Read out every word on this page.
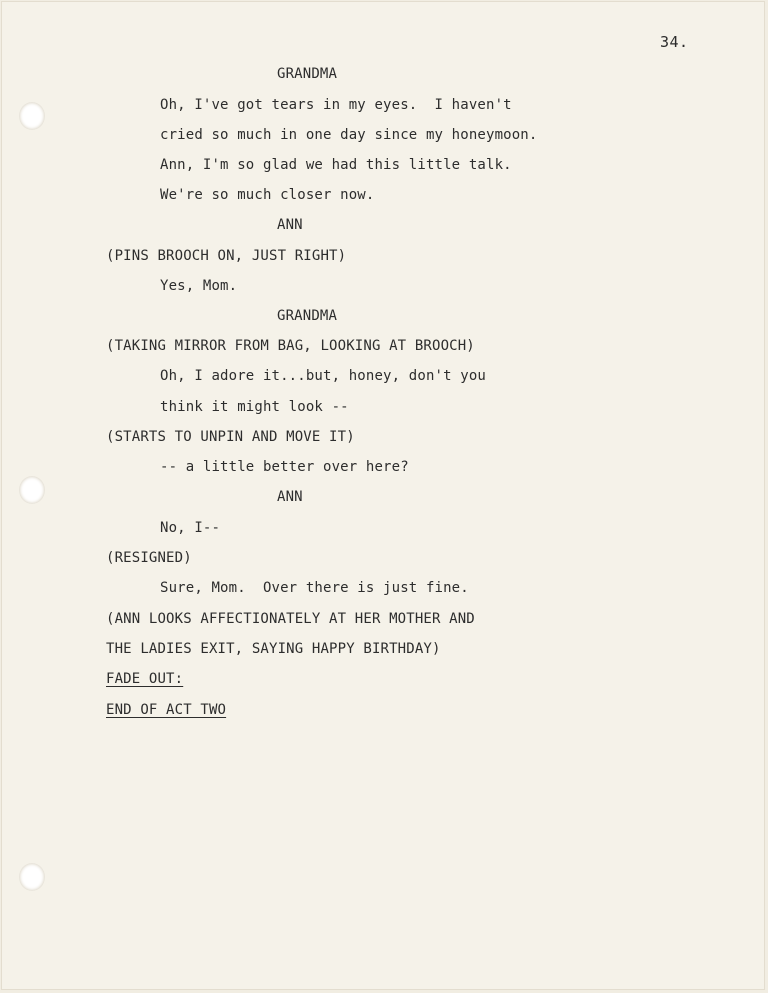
34.
GRANDMA
Oh, I've got tears in my eyes.  I haven't
cried so much in one day since my honeymoon.
Ann, I'm so glad we had this little talk.
We're so much closer now.
ANN
(PINS BROOCH ON, JUST RIGHT)
Yes, Mom.
GRANDMA
(TAKING MIRROR FROM BAG, LOOKING AT BROOCH)
Oh, I adore it...but, honey, don't you
think it might look --
(STARTS TO UNPIN AND MOVE IT)
-- a little better over here?
ANN
No, I--
(RESIGNED)
Sure, Mom.  Over there is just fine.
(ANN LOOKS AFFECTIONATELY AT HER MOTHER AND
THE LADIES EXIT, SAYING HAPPY BIRTHDAY)
FADE OUT:
END OF ACT TWO
